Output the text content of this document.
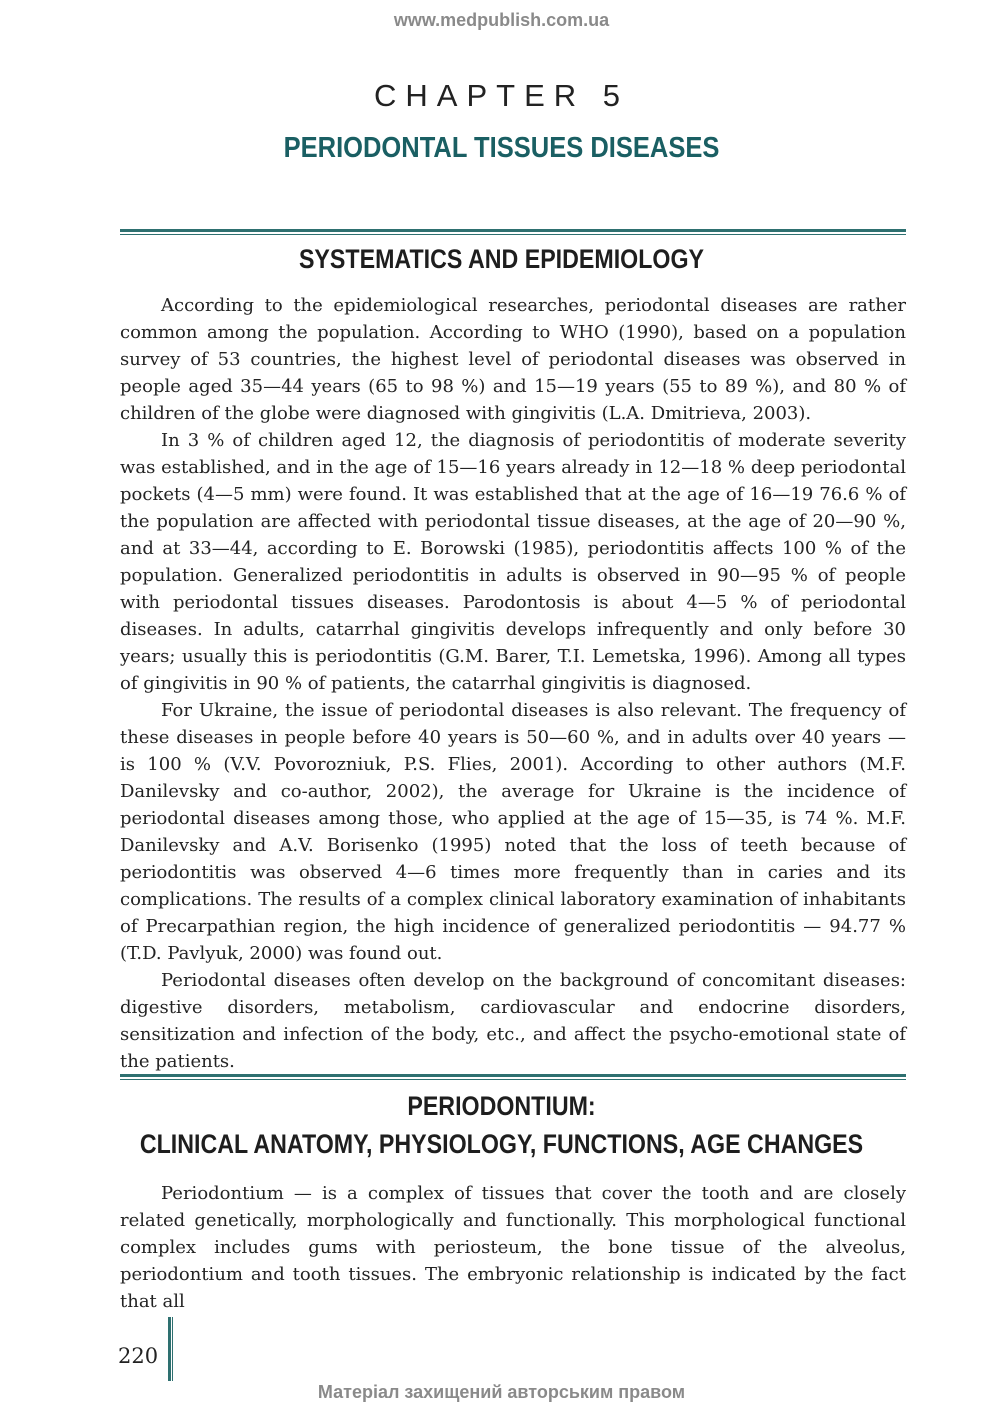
www.medpublish.com.ua
CHAPTER 5
PERIODONTAL TISSUES DISEASES
SYSTEMATICS AND EPIDEMIOLOGY

According to the epidemiological researches, periodontal diseases are rather common among the population. According to WHO (1990), based on a population survey of 53 countries, the highest level of periodontal diseases was observed in people aged 35—44 years (65 to 98 %) and 15—19 years (55 to 89 %), and 80 % of children of the globe were diagnosed with gingivitis (L.A. Dmitrieva, 2003).

In 3 % of children aged 12, the diagnosis of periodontitis of moderate severity was established, and in the age of 15—16 years already in 12—18 % deep periodontal pockets (4—5 mm) were found. It was established that at the age of 16—19 76.6 % of the population are affected with periodontal tissue diseases, at the age of 20—90 %, and at 33—44, according to E. Borowski (1985), periodontitis affects 100 % of the population. Generalized periodontitis in adults is observed in 90—95 % of people with periodontal tissues diseases. Parodontosis is about 4—5 % of periodontal diseases. In adults, catarrhal gingivitis develops infrequently and only before 30 years; usually this is periodontitis (G.M. Barer, T.I. Lemetska, 1996). Among all types of gingivitis in 90 % of patients, the catarrhal gingivitis is diagnosed.

For Ukraine, the issue of periodontal diseases is also relevant. The frequency of these diseases in people before 40 years is 50—60 %, and in adults over 40 years — is 100 % (V.V. Povorozniuk, P.S. Flies, 2001). According to other authors (M.F. Danilevsky and co-author, 2002), the average for Ukraine is the incidence of periodontal diseases among those, who applied at the age of 15—35, is 74 %. M.F. Danilevsky and A.V. Borisenko (1995) noted that the loss of teeth because of periodontitis was observed 4—6 times more frequently than in caries and its complications. The results of a complex clinical laboratory examination of inhabitants of Precarpathian region, the high incidence of generalized periodontitis — 94.77 % (T.D. Pavlyuk, 2000) was found out.

Periodontal diseases often develop on the background of concomitant diseases: digestive disorders, metabolism, cardiovascular and endocrine disorders, sensitization and infection of the body, etc., and affect the psycho-emotional state of the patients.

PERIODONTIUM:
CLINICAL ANATOMY, PHYSIOLOGY, FUNCTIONS, AGE CHANGES

Periodontium — is a complex of tissues that cover the tooth and are closely related genetically, morphologically and functionally. This morphological functional complex includes gums with periosteum, the bone tissue of the alveolus, periodontium and tooth tissues. The embryonic relationship is indicated by the fact that all

220
Матеріал захищений авторським правом
